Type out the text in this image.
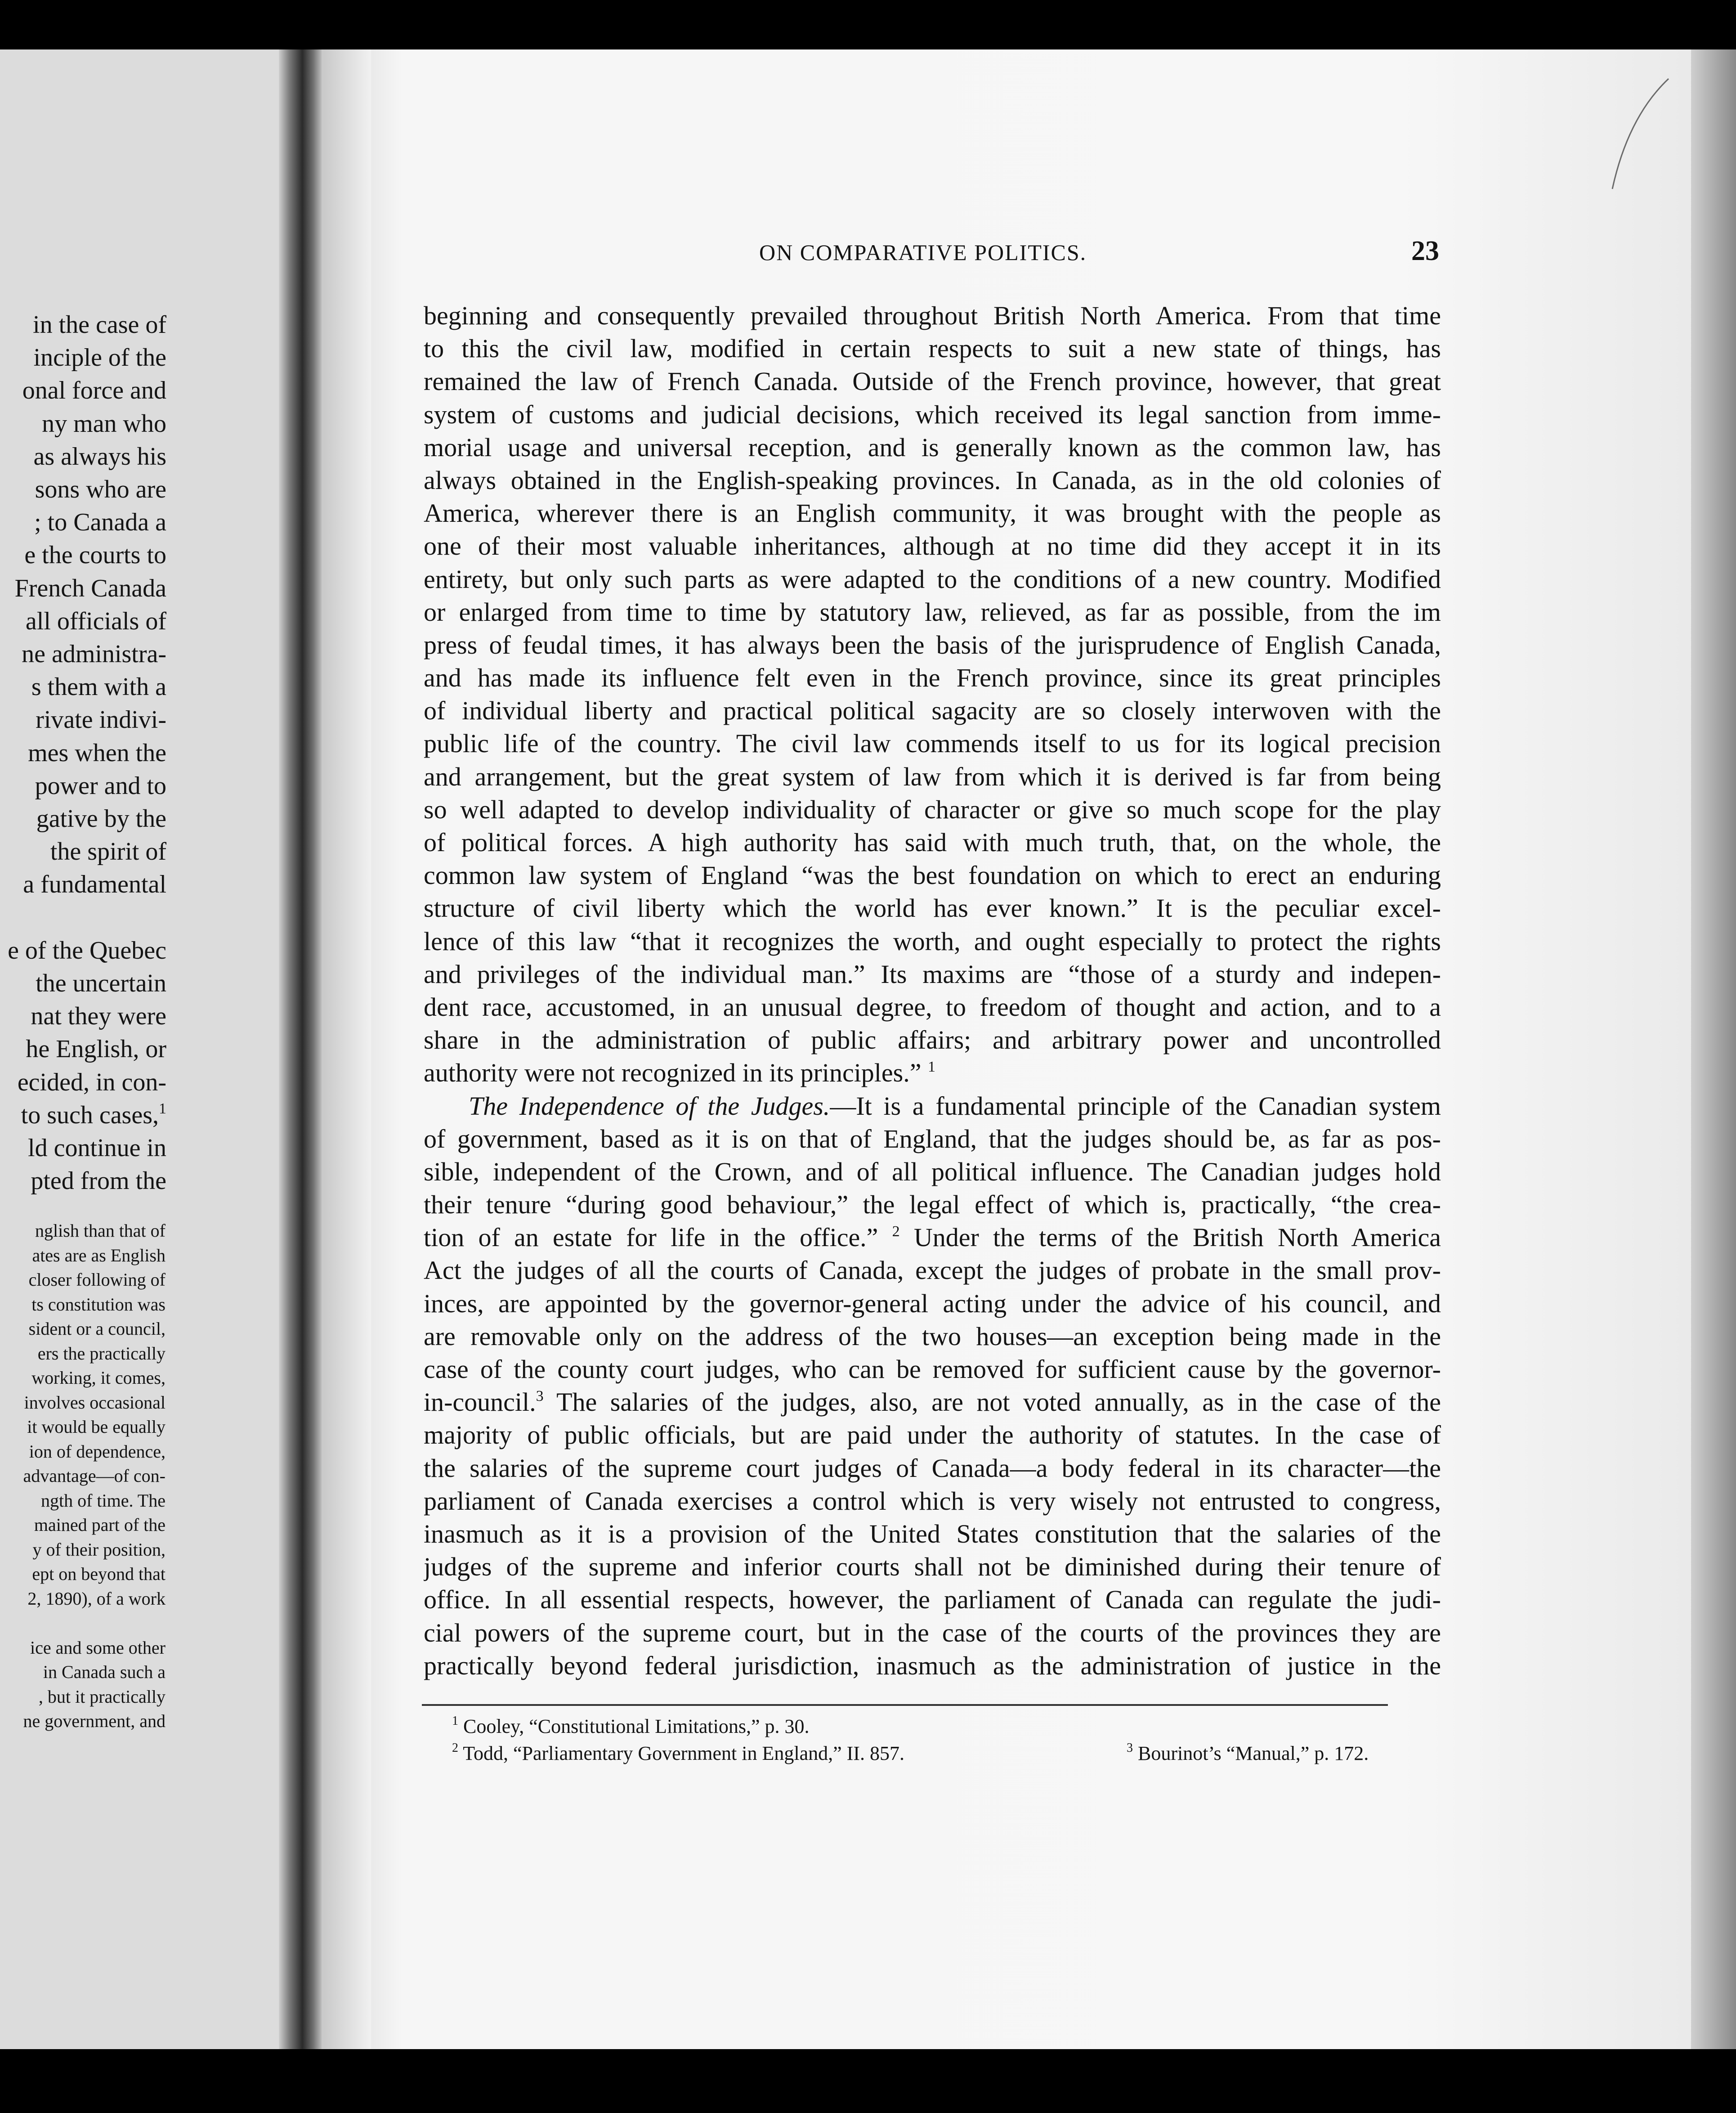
in the case of
inciple of the
onal force and
ny man who
as always his
sons who are
; to Canada a
e the courts to
French Canada
all officials of
ne administra-
s them with a
rivate indivi-
mes when the
power and to
gative by the
the spirit of
a fundamental
e of the Quebec
the uncertain
nat they were
he English, or
ecided, in con-
to such cases,$^1$
ld continue in
pted from the
nglish than that of
ates are as English
closer following of
ts constitution was
sident or a council,
ers the practically
working, it comes,
involves occasional
it would be equally
ion of dependence,
advantage—of con-
ngth of time. The
mained part of the
y of their position,
ept on beyond that
2, 1890), of a work
ice and some other
in Canada such a
, but it practically
ne government, and
ON COMPARATIVE POLITICS.	23
beginning and consequently prevailed throughout British North America. From that time
to this the civil law, modified in certain respects to suit a new state of things, has
remained the law of French Canada. Outside of the French province, however, that great
system of customs and judicial decisions, which received its legal sanction from imme-
morial usage and universal reception, and is generally known as the common law, has
always obtained in the English-speaking provinces. In Canada, as in the old colonies of
America, wherever there is an English community, it was brought with the people as
one of their most valuable inheritances, although at no time did they accept it in its
entirety, but only such parts as were adapted to the conditions of a new country. Modified
or enlarged from time to time by statutory law, relieved, as far as possible, from the im
press of feudal times, it has always been the basis of the jurisprudence of English Canada,
and has made its influence felt even in the French province, since its great principles
of individual liberty and practical political sagacity are so closely interwoven with the
public life of the country. The civil law commends itself to us for its logical precision
and arrangement, but the great system of law from which it is derived is far from being
so well adapted to develop individuality of character or give so much scope for the play
of political forces. A high authority has said with much truth, that, on the whole, the
common law system of England “was the best foundation on which to erect an enduring
structure of civil liberty which the world has ever known.” It is the peculiar excel-
lence of this law “that it recognizes the worth, and ought especially to protect the rights
and privileges of the individual man.” Its maxims are “those of a sturdy and indepen-
dent race, accustomed, in an unusual degree, to freedom of thought and action, and to a
share in the administration of public affairs; and arbitrary power and uncontrolled
authority were not recognized in its principles.” $^1$
The Independence of the Judges.—It is a fundamental principle of the Canadian system
of government, based as it is on that of England, that the judges should be, as far as pos-
sible, independent of the Crown, and of all political influence. The Canadian judges hold
their tenure “during good behaviour,” the legal effect of which is, practically, “the crea-
tion of an estate for life in the office.” $^2$ Under the terms of the British North America
Act the judges of all the courts of Canada, except the judges of probate in the small prov-
inces, are appointed by the governor-general acting under the advice of his council, and
are removable only on the address of the two houses—an exception being made in the
case of the county court judges, who can be removed for sufficient cause by the governor-
in-council.$^3$ The salaries of the judges, also, are not voted annually, as in the case of the
majority of public officials, but are paid under the authority of statutes. In the case of
the salaries of the supreme court judges of Canada—a body federal in its character—the
parliament of Canada exercises a control which is very wisely not entrusted to congress,
inasmuch as it is a provision of the United States constitution that the salaries of the
judges of the supreme and inferior courts shall not be diminished during their tenure of
office. In all essential respects, however, the parliament of Canada can regulate the judi-
cial powers of the supreme court, but in the case of the courts of the provinces they are
practically beyond federal jurisdiction, inasmuch as the administration of justice in the
$^1$ Cooley, “Constitutional Limitations,” p. 30.
$^2$ Todd, “Parliamentary Government in England,” II. 857.	$^3$ Bourinot’s “Manual,” p. 172.
